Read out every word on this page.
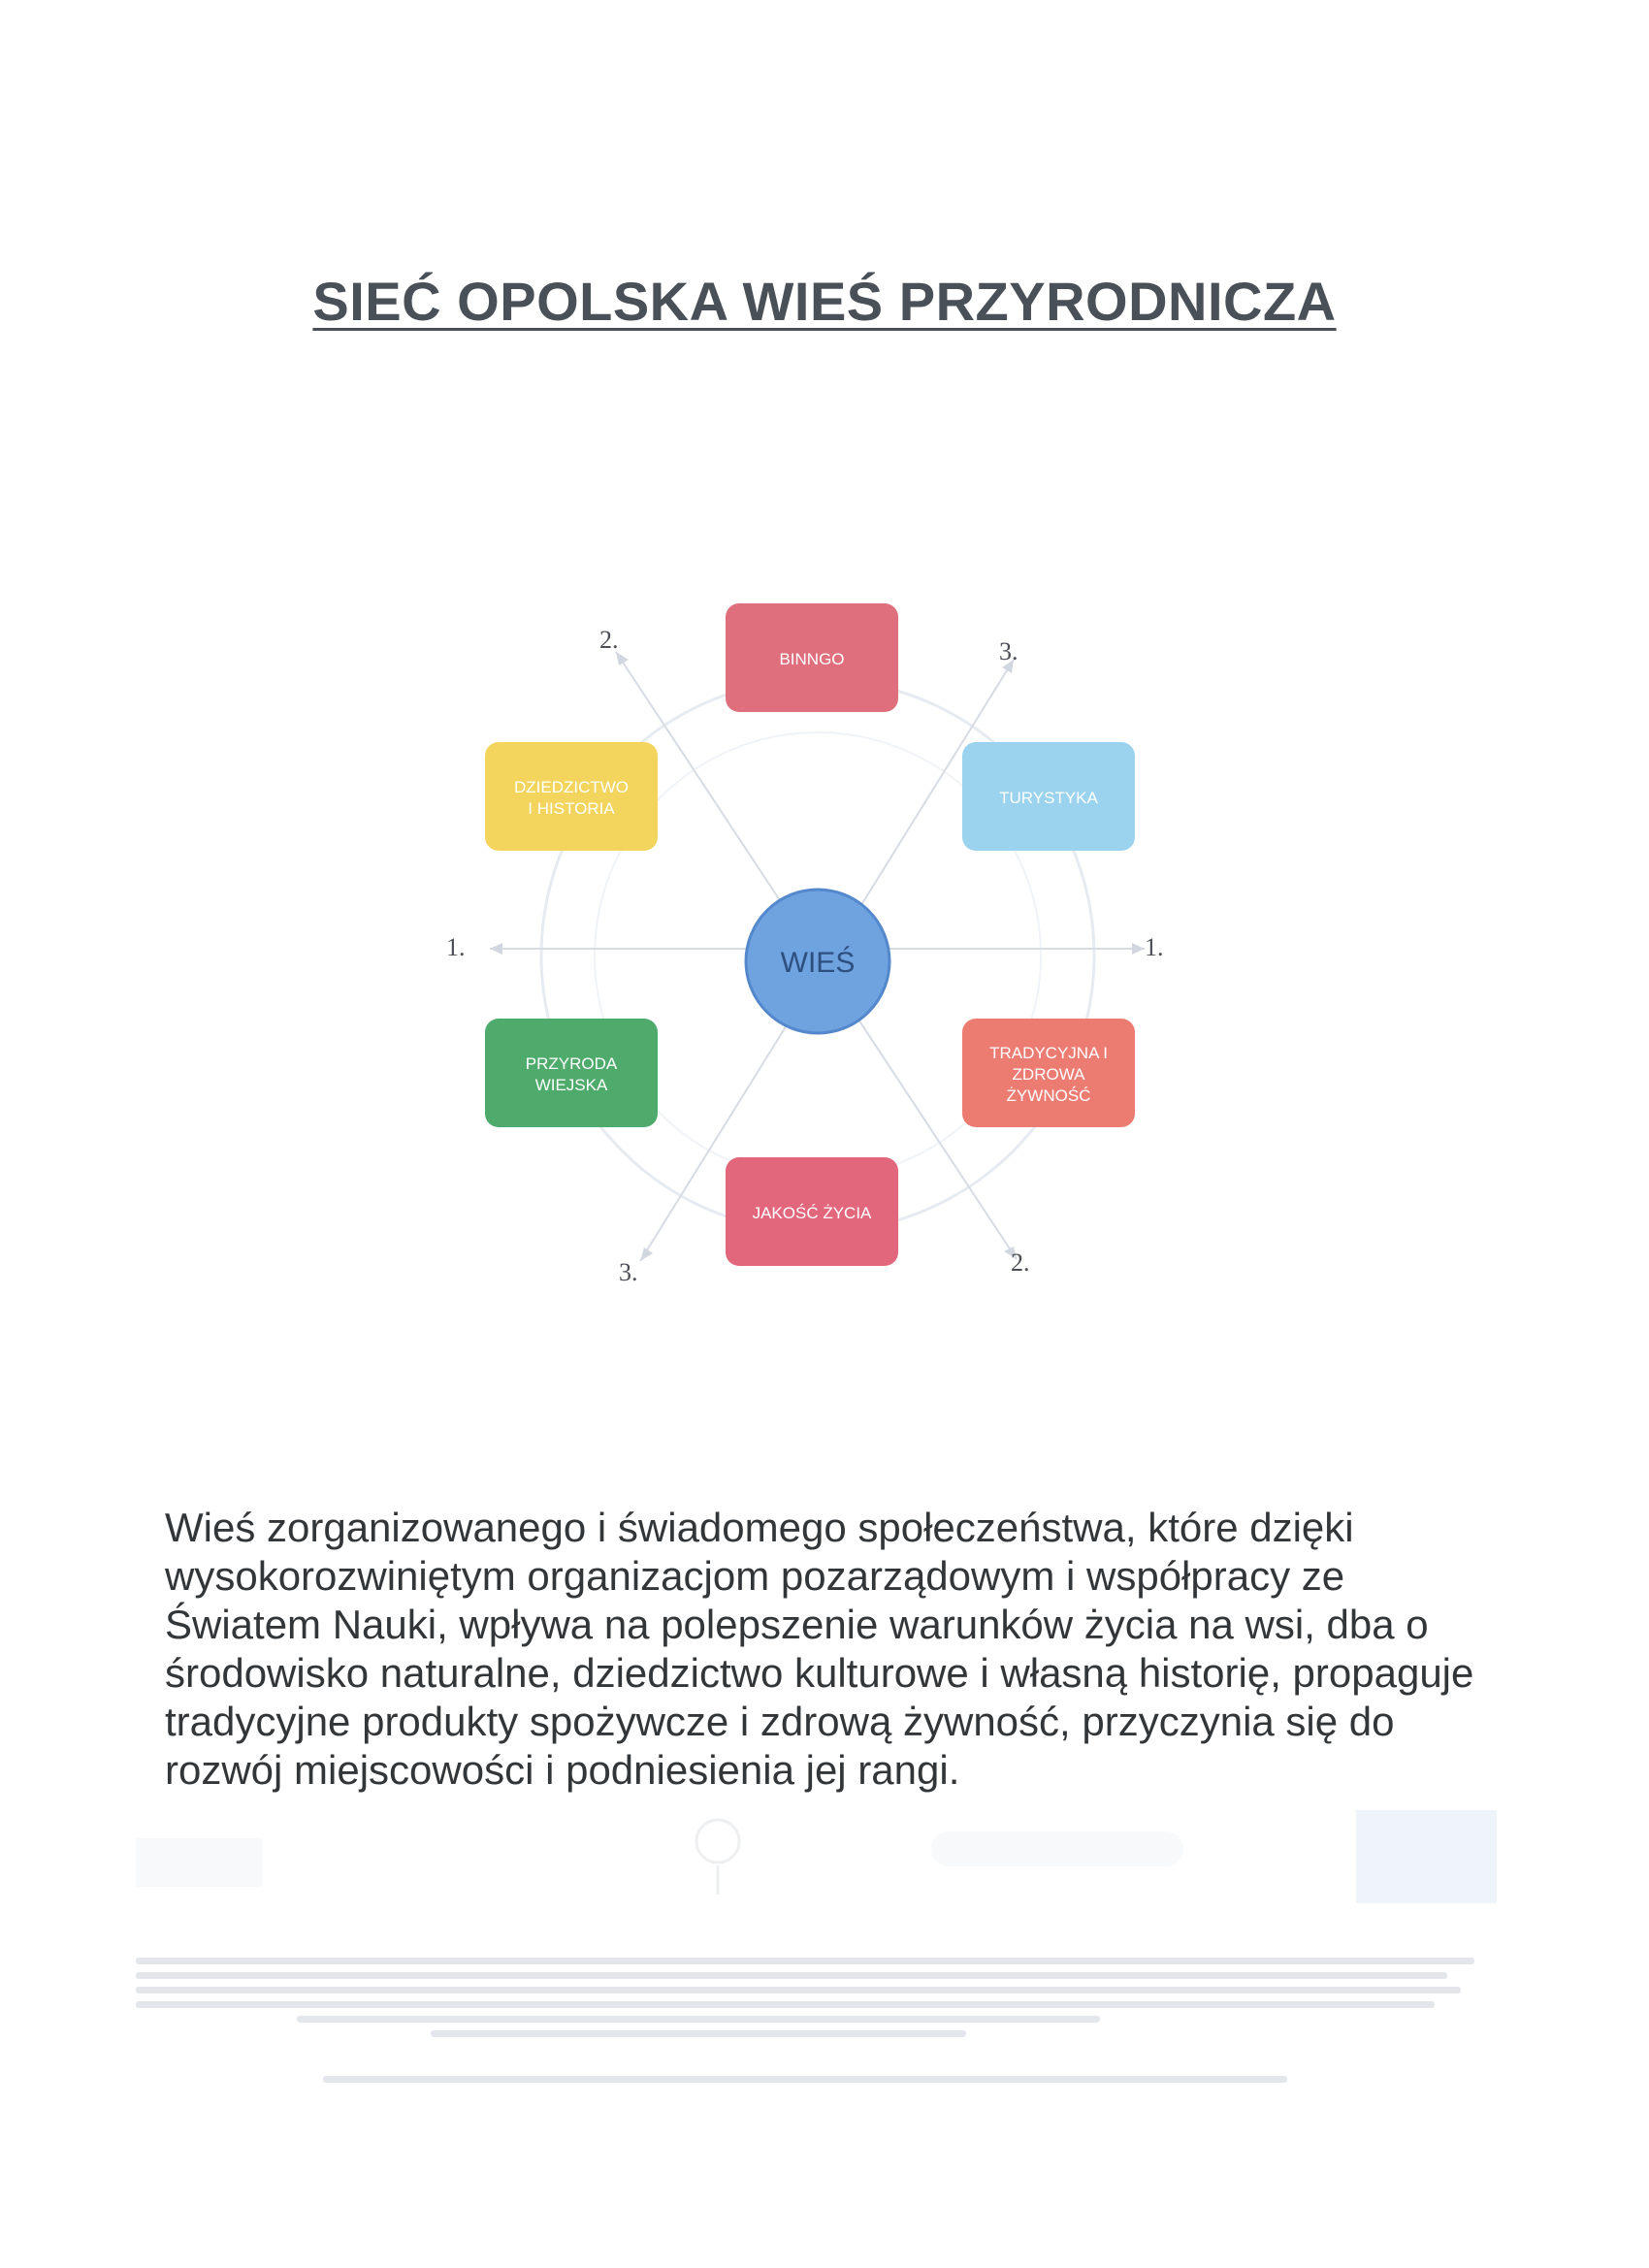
SIEĆ OPOLSKA WIEŚ PRZYRODNICZA
2.	3.
1.	1.
3.	2.
BINNGO
TURYSTYKA
TRADYCYJNA I
ZDROWA
ŻYWNOŚĆ
JAKOŚĆ ŻYCIA
PRZYRODA
WIEJSKA
DZIEDZICTWO
I HISTORIA
WIEŚ

Wieś zorganizowanego i świadomego społeczeństwa, które dzięki wysokorozwiniętym organizacjom pozarządowym i współpracy ze Światem Nauki, wpływa na polepszenie warunków życia na wsi, dba o środowisko naturalne, dziedzictwo kulturowe i własną historię, propaguje tradycyjne produkty spożywcze i zdrową żywność, przyczynia się do rozwój miejscowości i podniesienia jej rangi.
